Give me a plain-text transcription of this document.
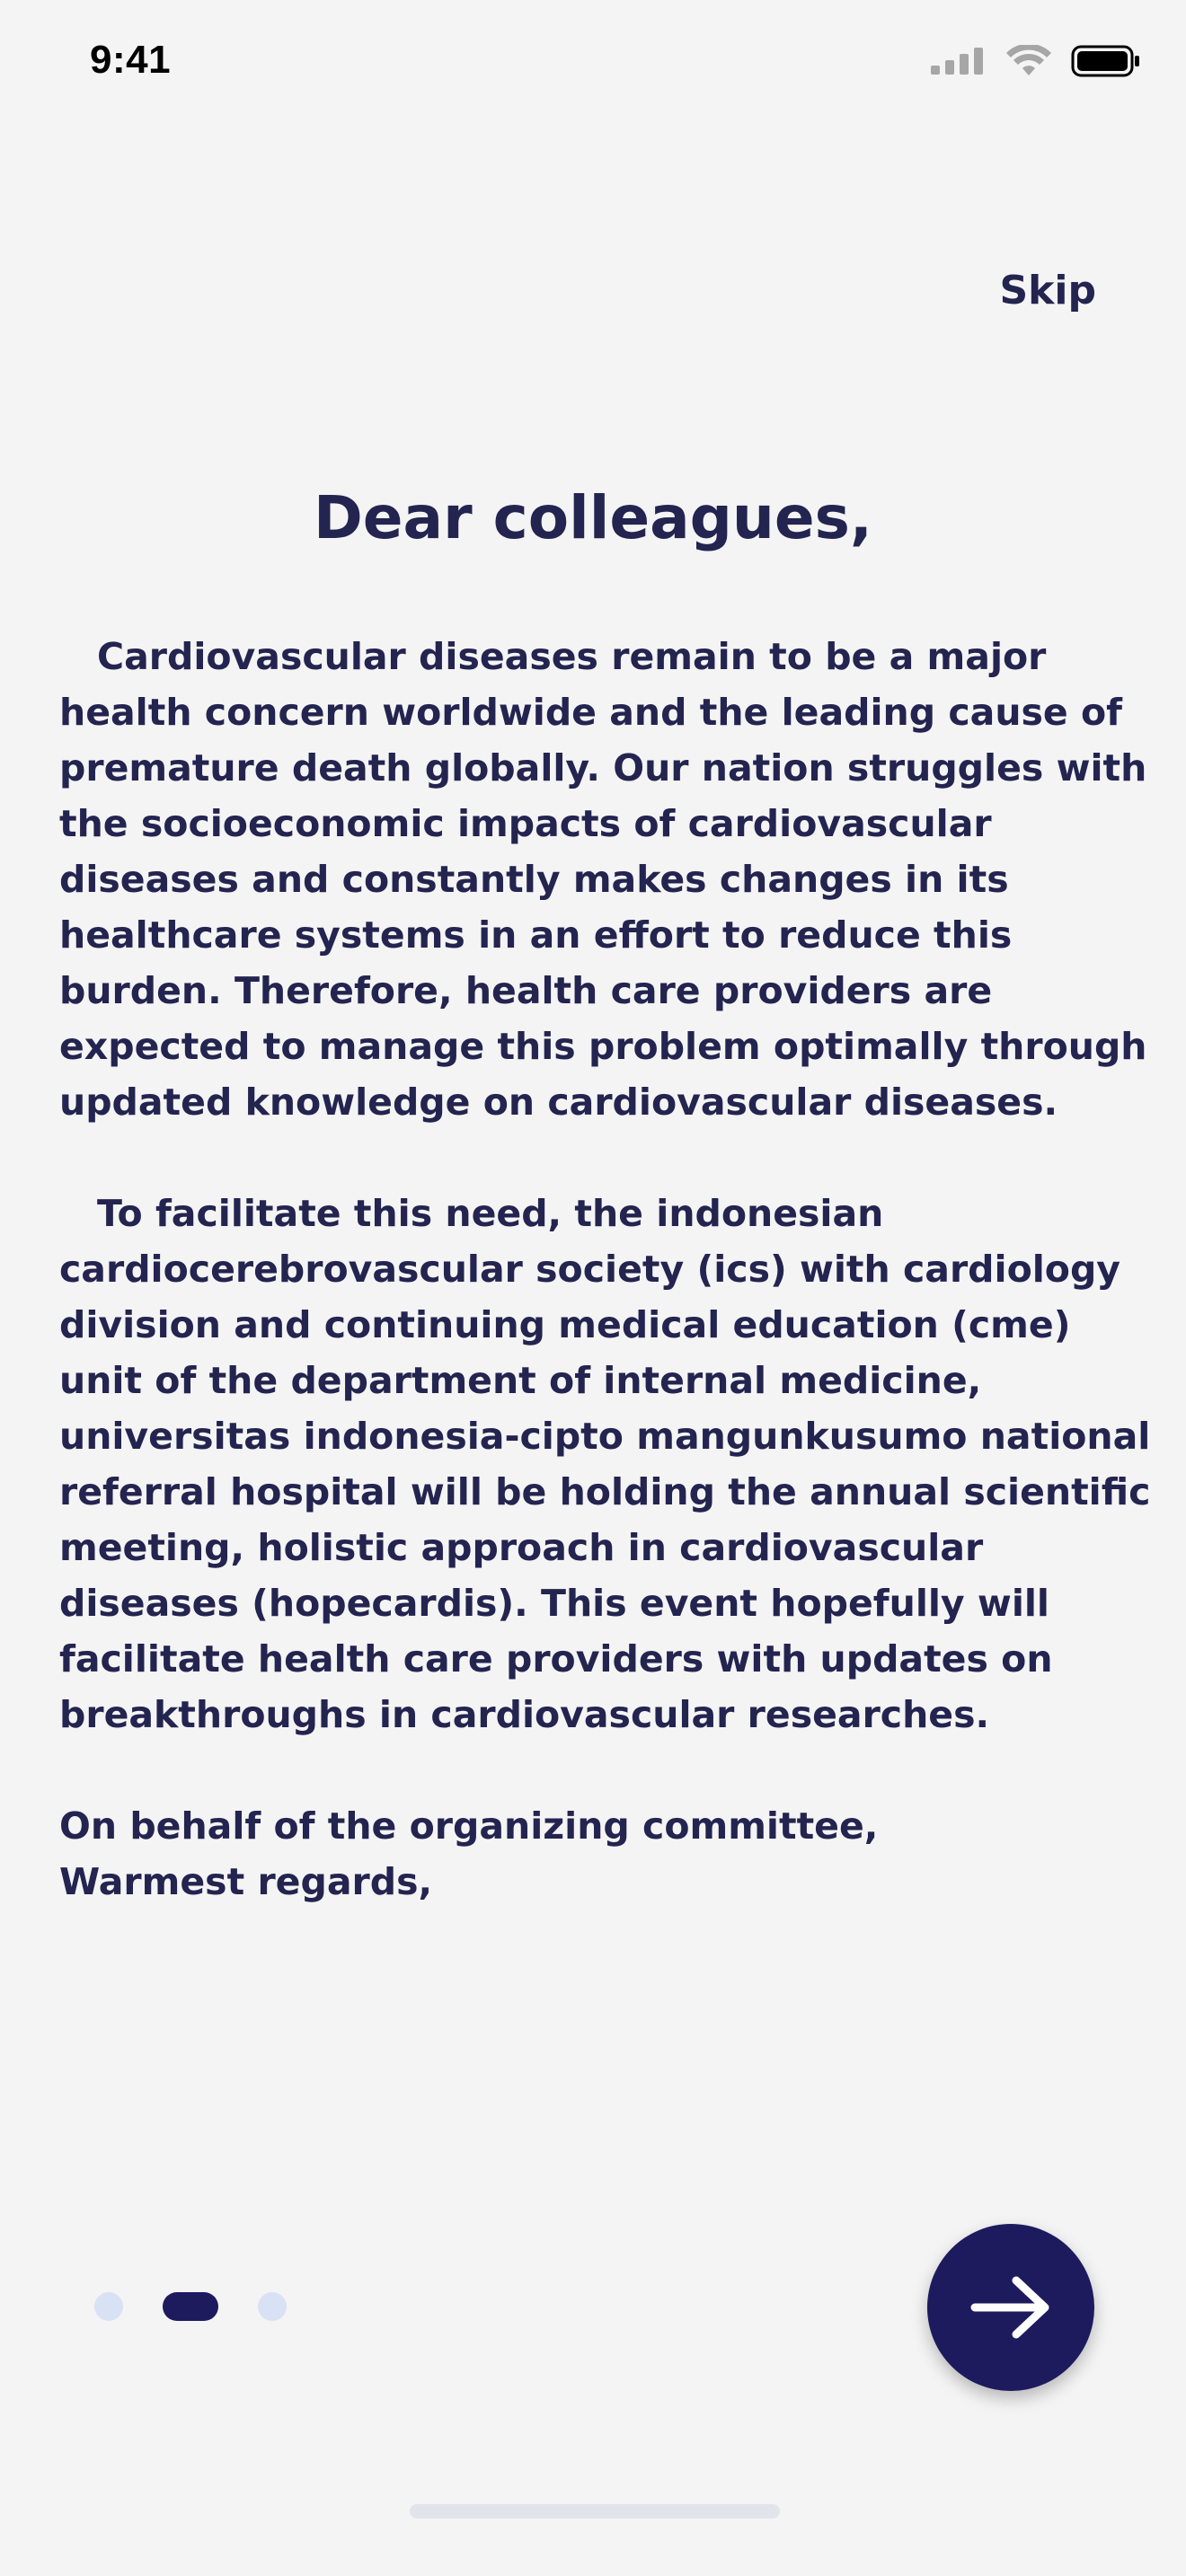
9:41
Skip
Dear colleagues,

Cardiovascular diseases remain to be a major health concern worldwide and the leading cause of premature death globally. Our nation struggles with the socioeconomic impacts of cardiovascular diseases and constantly makes changes in its healthcare systems in an effort to reduce this burden. Therefore, health care providers are expected to manage this problem optimally through updated knowledge on cardiovascular diseases.

To facilitate this need, the indonesian cardiocerebrovascular society (ics) with cardiology division and continuing medical education (cme) unit of the department of internal medicine, universitas indonesia-cipto mangunkusumo national referral hospital will be holding the annual scientific meeting, holistic approach in cardiovascular diseases (hopecardis). This event hopefully will facilitate health care providers with updates on breakthroughs in cardiovascular researches.

On behalf of the organizing committee,

Warmest regards,
